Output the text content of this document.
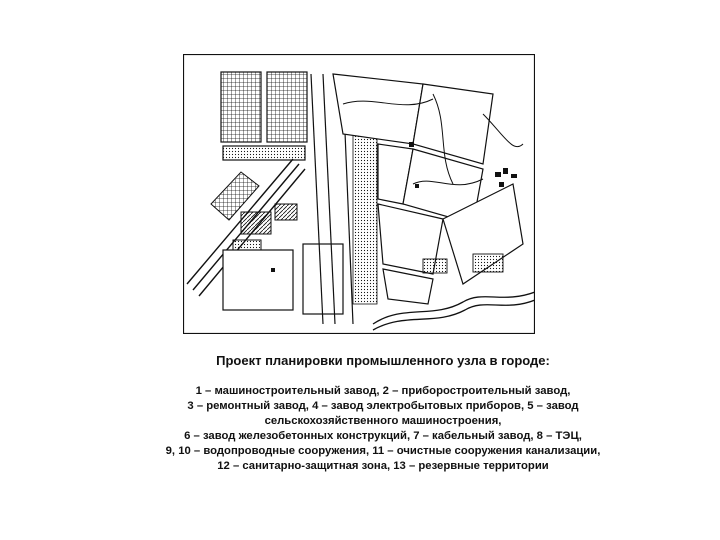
Проект планировки промышленного узла в городе:
1 – машиностроительный завод, 2 – приборостроительный завод,
3 – ремонтный завод, 4 – завод электробытовых приборов, 5 – завод
сельскохозяйственного машиностроения,
6 – завод железобетонных конструкций, 7 – кабельный завод, 8 – ТЭЦ,
9, 10 – водопроводные сооружения, 11 – очистные сооружения канализации,
12 – санитарно-защитная зона, 13 – резервные территории
